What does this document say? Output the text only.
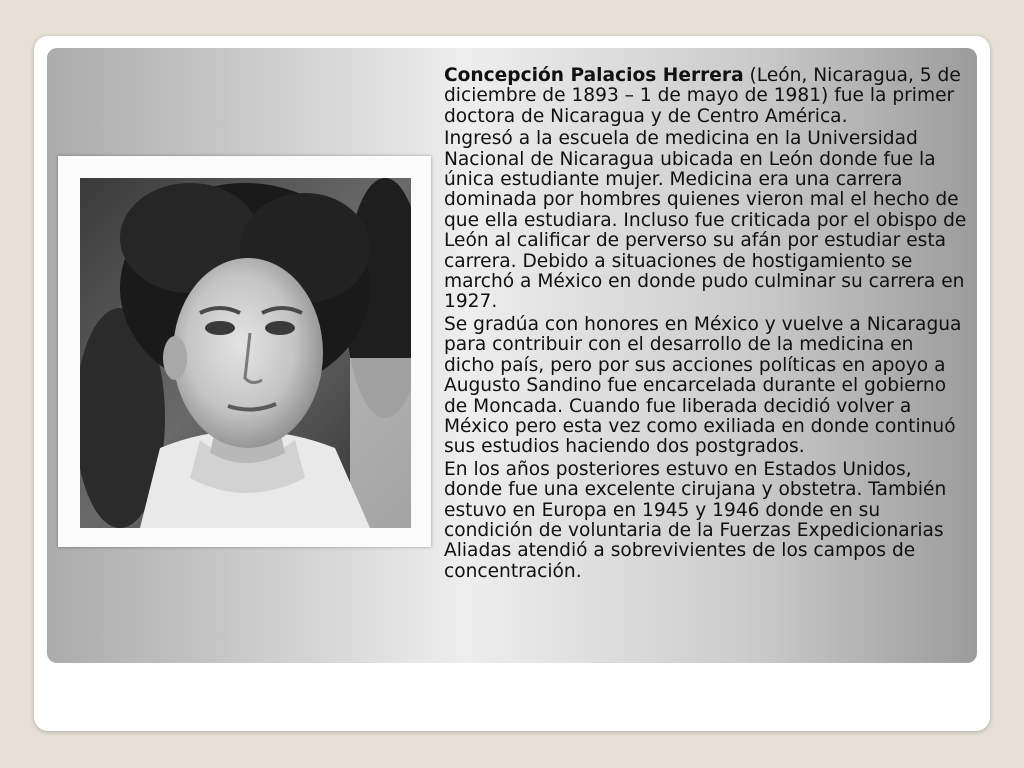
Concepción Palacios Herrera (León, Nicaragua, 5 de diciembre de 1893 – 1 de mayo de 1981) fue la primer doctora de Nicaragua y de Centro América.

Ingresó a la escuela de medicina en la Universidad Nacional de Nicaragua ubicada en León donde fue la única estudiante mujer. Medicina era una carrera dominada por hombres quienes vieron mal el hecho de que ella estudiara. Incluso fue criticada por el obispo de León al calificar de perverso su afán por estudiar esta carrera. Debido a situaciones de hostigamiento se marchó a México en donde pudo culminar su carrera en 1927.

Se gradúa con honores en México y vuelve a Nicaragua para contribuir con el desarrollo de la medicina en dicho país, pero por sus acciones políticas en apoyo a Augusto Sandino fue encarcelada durante el gobierno de Moncada. Cuando fue liberada decidió volver a México pero esta vez como exiliada en donde continuó sus estudios haciendo dos postgrados.

En los años posteriores estuvo en Estados Unidos, donde fue una excelente cirujana y obstetra. También estuvo en Europa en 1945 y 1946 donde en su condición de voluntaria de la Fuerzas Expedicionarias Aliadas atendió a sobrevivientes de los campos de concentración.
